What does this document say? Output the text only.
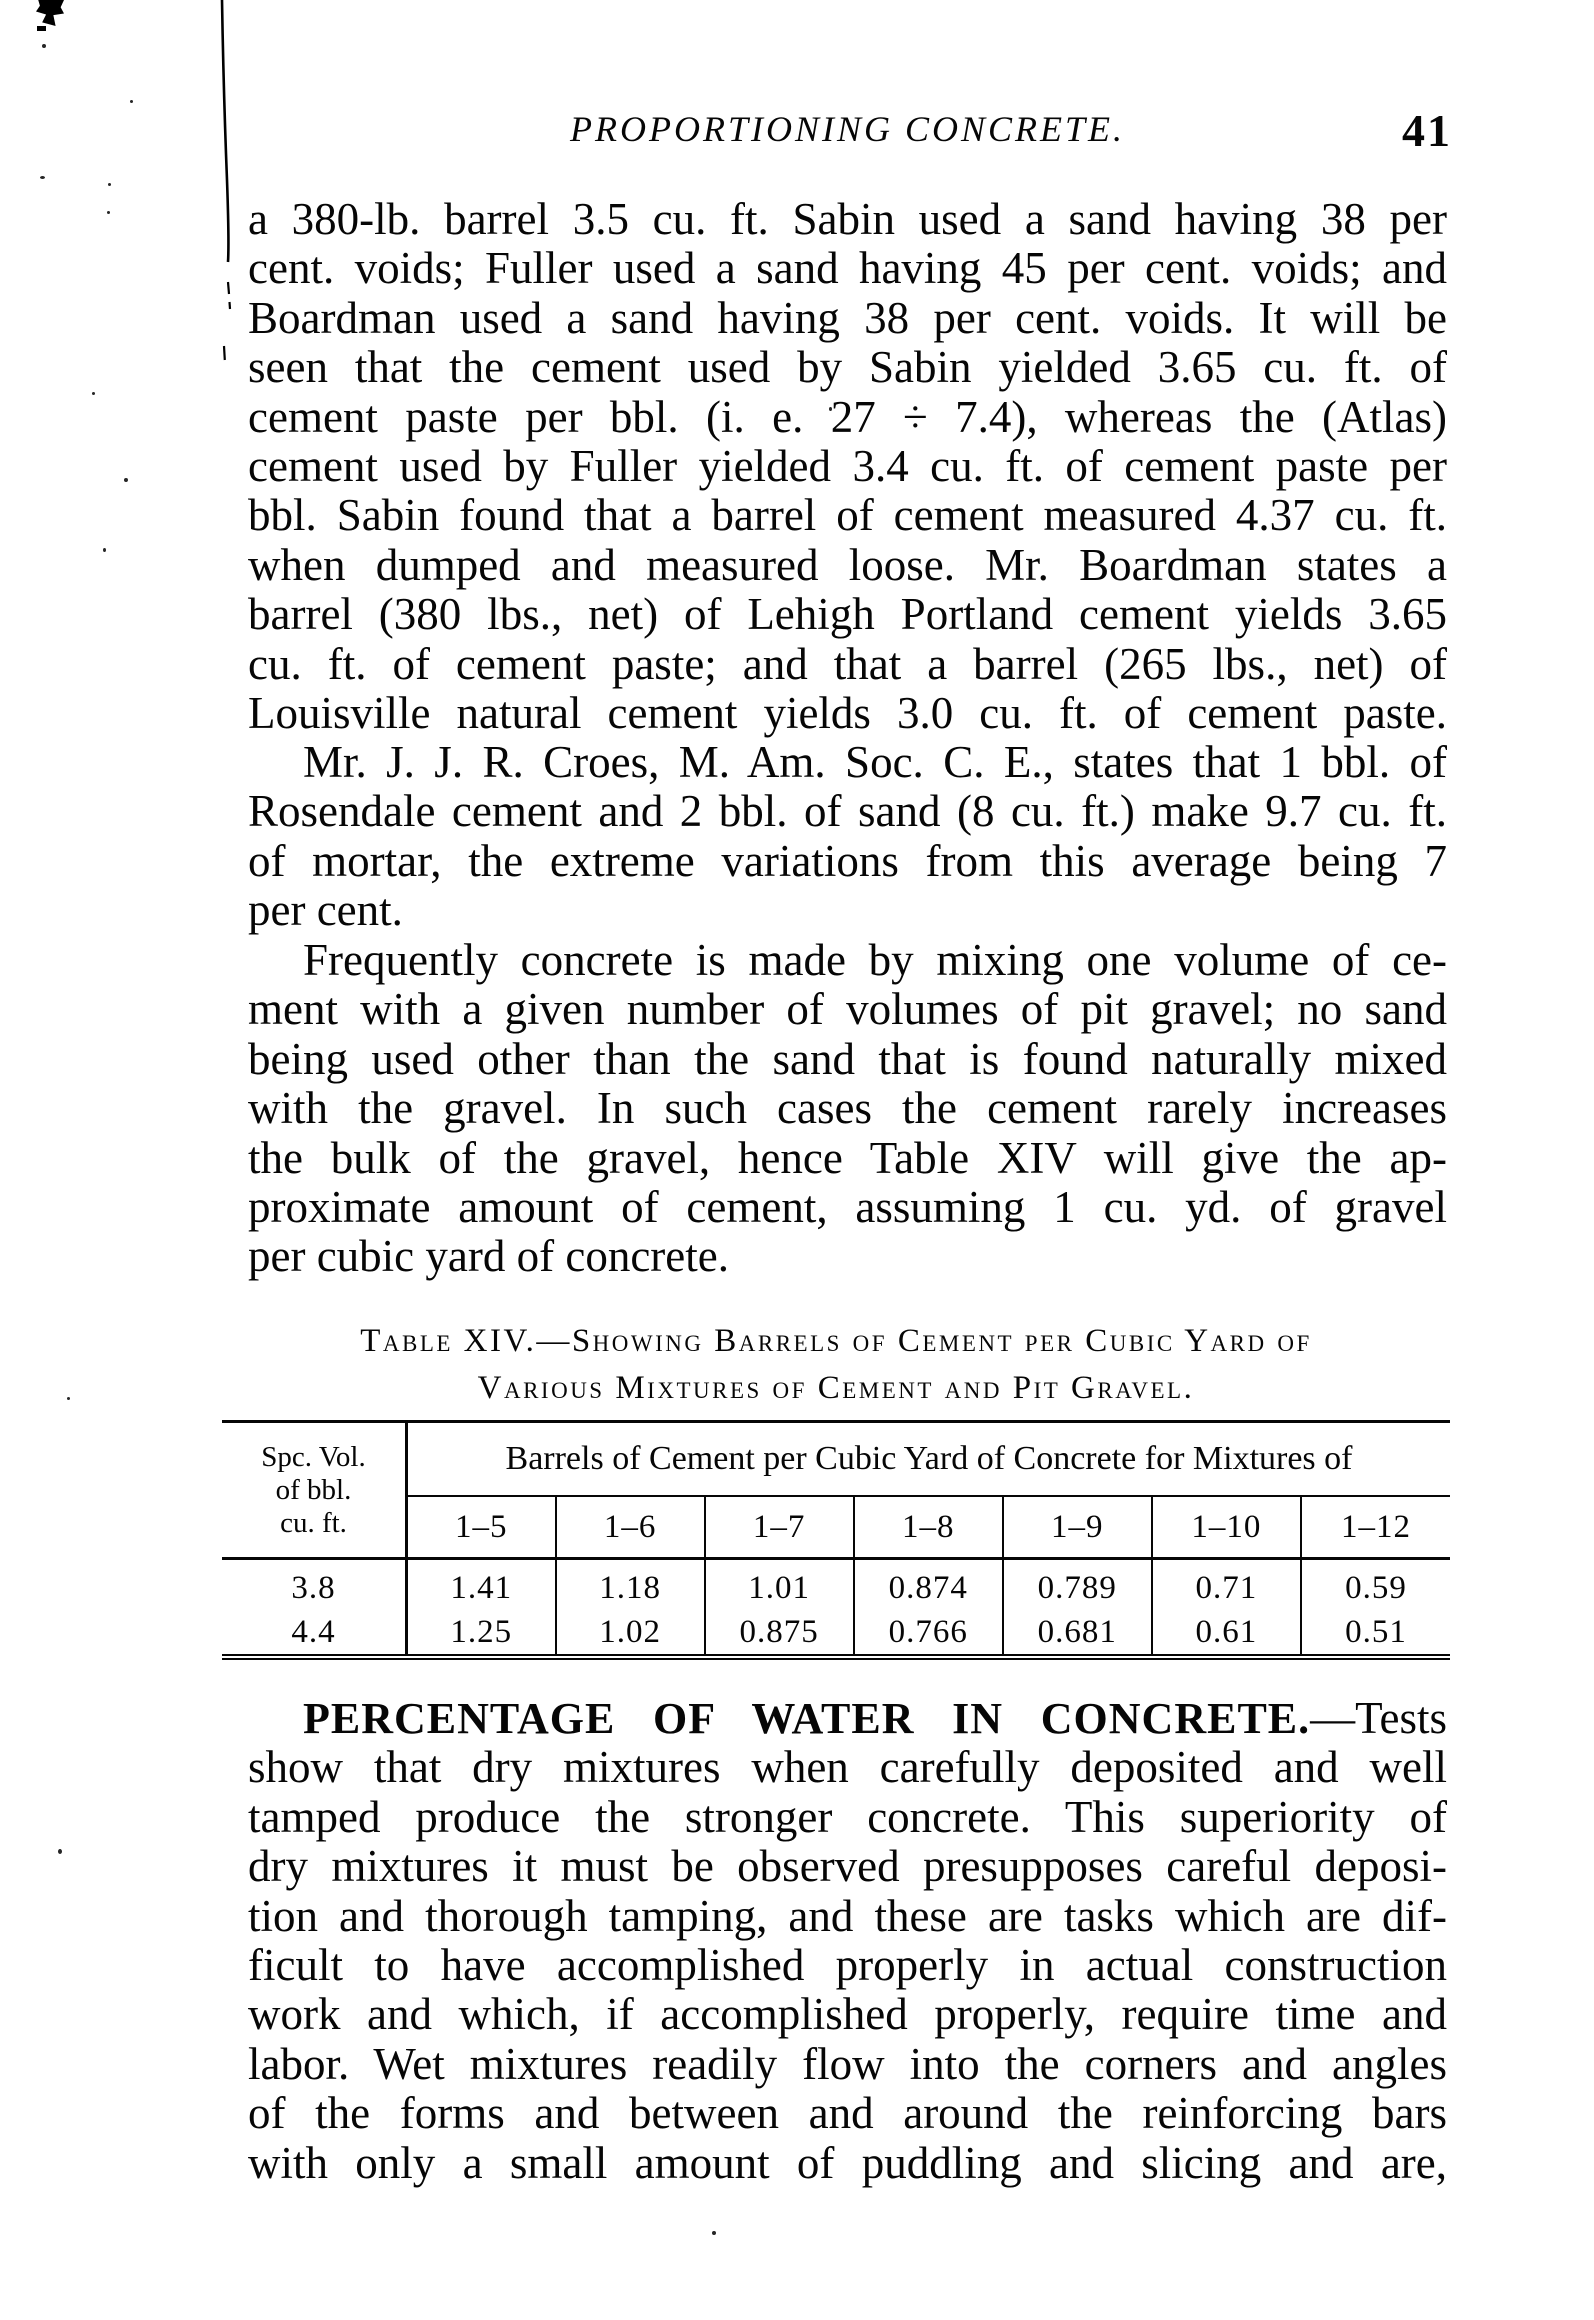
PROPORTIONING CONCRETE.	41
a 380-lb. barrel 3.5 cu. ft. Sabin used a sand having 38 per
cent. voids; Fuller used a sand having 45 per cent. voids; and
Boardman used a sand having 38 per cent. voids. It will be
seen that the cement used by Sabin yielded 3.65 cu. ft. of
cement paste per bbl. (i. e. 27 ÷ 7.4), whereas the (Atlas)
cement used by Fuller yielded 3.4 cu. ft. of cement paste per
bbl. Sabin found that a barrel of cement measured 4.37 cu. ft.
when dumped and measured loose. Mr. Boardman states a
barrel (380 lbs., net) of Lehigh Portland cement yields 3.65
cu. ft. of cement paste; and that a barrel (265 lbs., net) of
Louisville natural cement yields 3.0 cu. ft. of cement paste.
Mr. J. J. R. Croes, M. Am. Soc. C. E., states that 1 bbl. of
Rosendale cement and 2 bbl. of sand (8 cu. ft.) make 9.7 cu. ft.
of mortar, the extreme variations from this average being 7
per cent.
Frequently concrete is made by mixing one volume of ce-
ment with a given number of volumes of pit gravel; no sand
being used other than the sand that is found naturally mixed
with the gravel. In such cases the cement rarely increases
the bulk of the gravel, hence Table XIV will give the ap-
proximate amount of cement, assuming 1 cu. yd. of gravel
per cubic yard of concrete.
Table XIV.—Showing Barrels of Cement per Cubic Yard of
Various Mixtures of Cement and Pit Gravel.
Spc. Vol.
of bbl.
cu. ft.	Barrels of Cement per Cubic Yard of Concrete for Mixtures of						
	1–5	1–6	1–7	1–8	1–9	1–10	1–12
3.8	1.41	1.18	1.01	0.874	0.789	0.71	0.59
4.4	1.25	1.02	0.875	0.766	0.681	0.61	0.51
PERCENTAGE OF WATER IN CONCRETE.—Tests
show that dry mixtures when carefully deposited and well
tamped produce the stronger concrete. This superiority of
dry mixtures it must be observed presupposes careful deposi-
tion and thorough tamping, and these are tasks which are dif-
ficult to have accomplished properly in actual construction
work and which, if accomplished properly, require time and
labor. Wet mixtures readily flow into the corners and angles
of the forms and between and around the reinforcing bars
with only a small amount of puddling and slicing and are,
